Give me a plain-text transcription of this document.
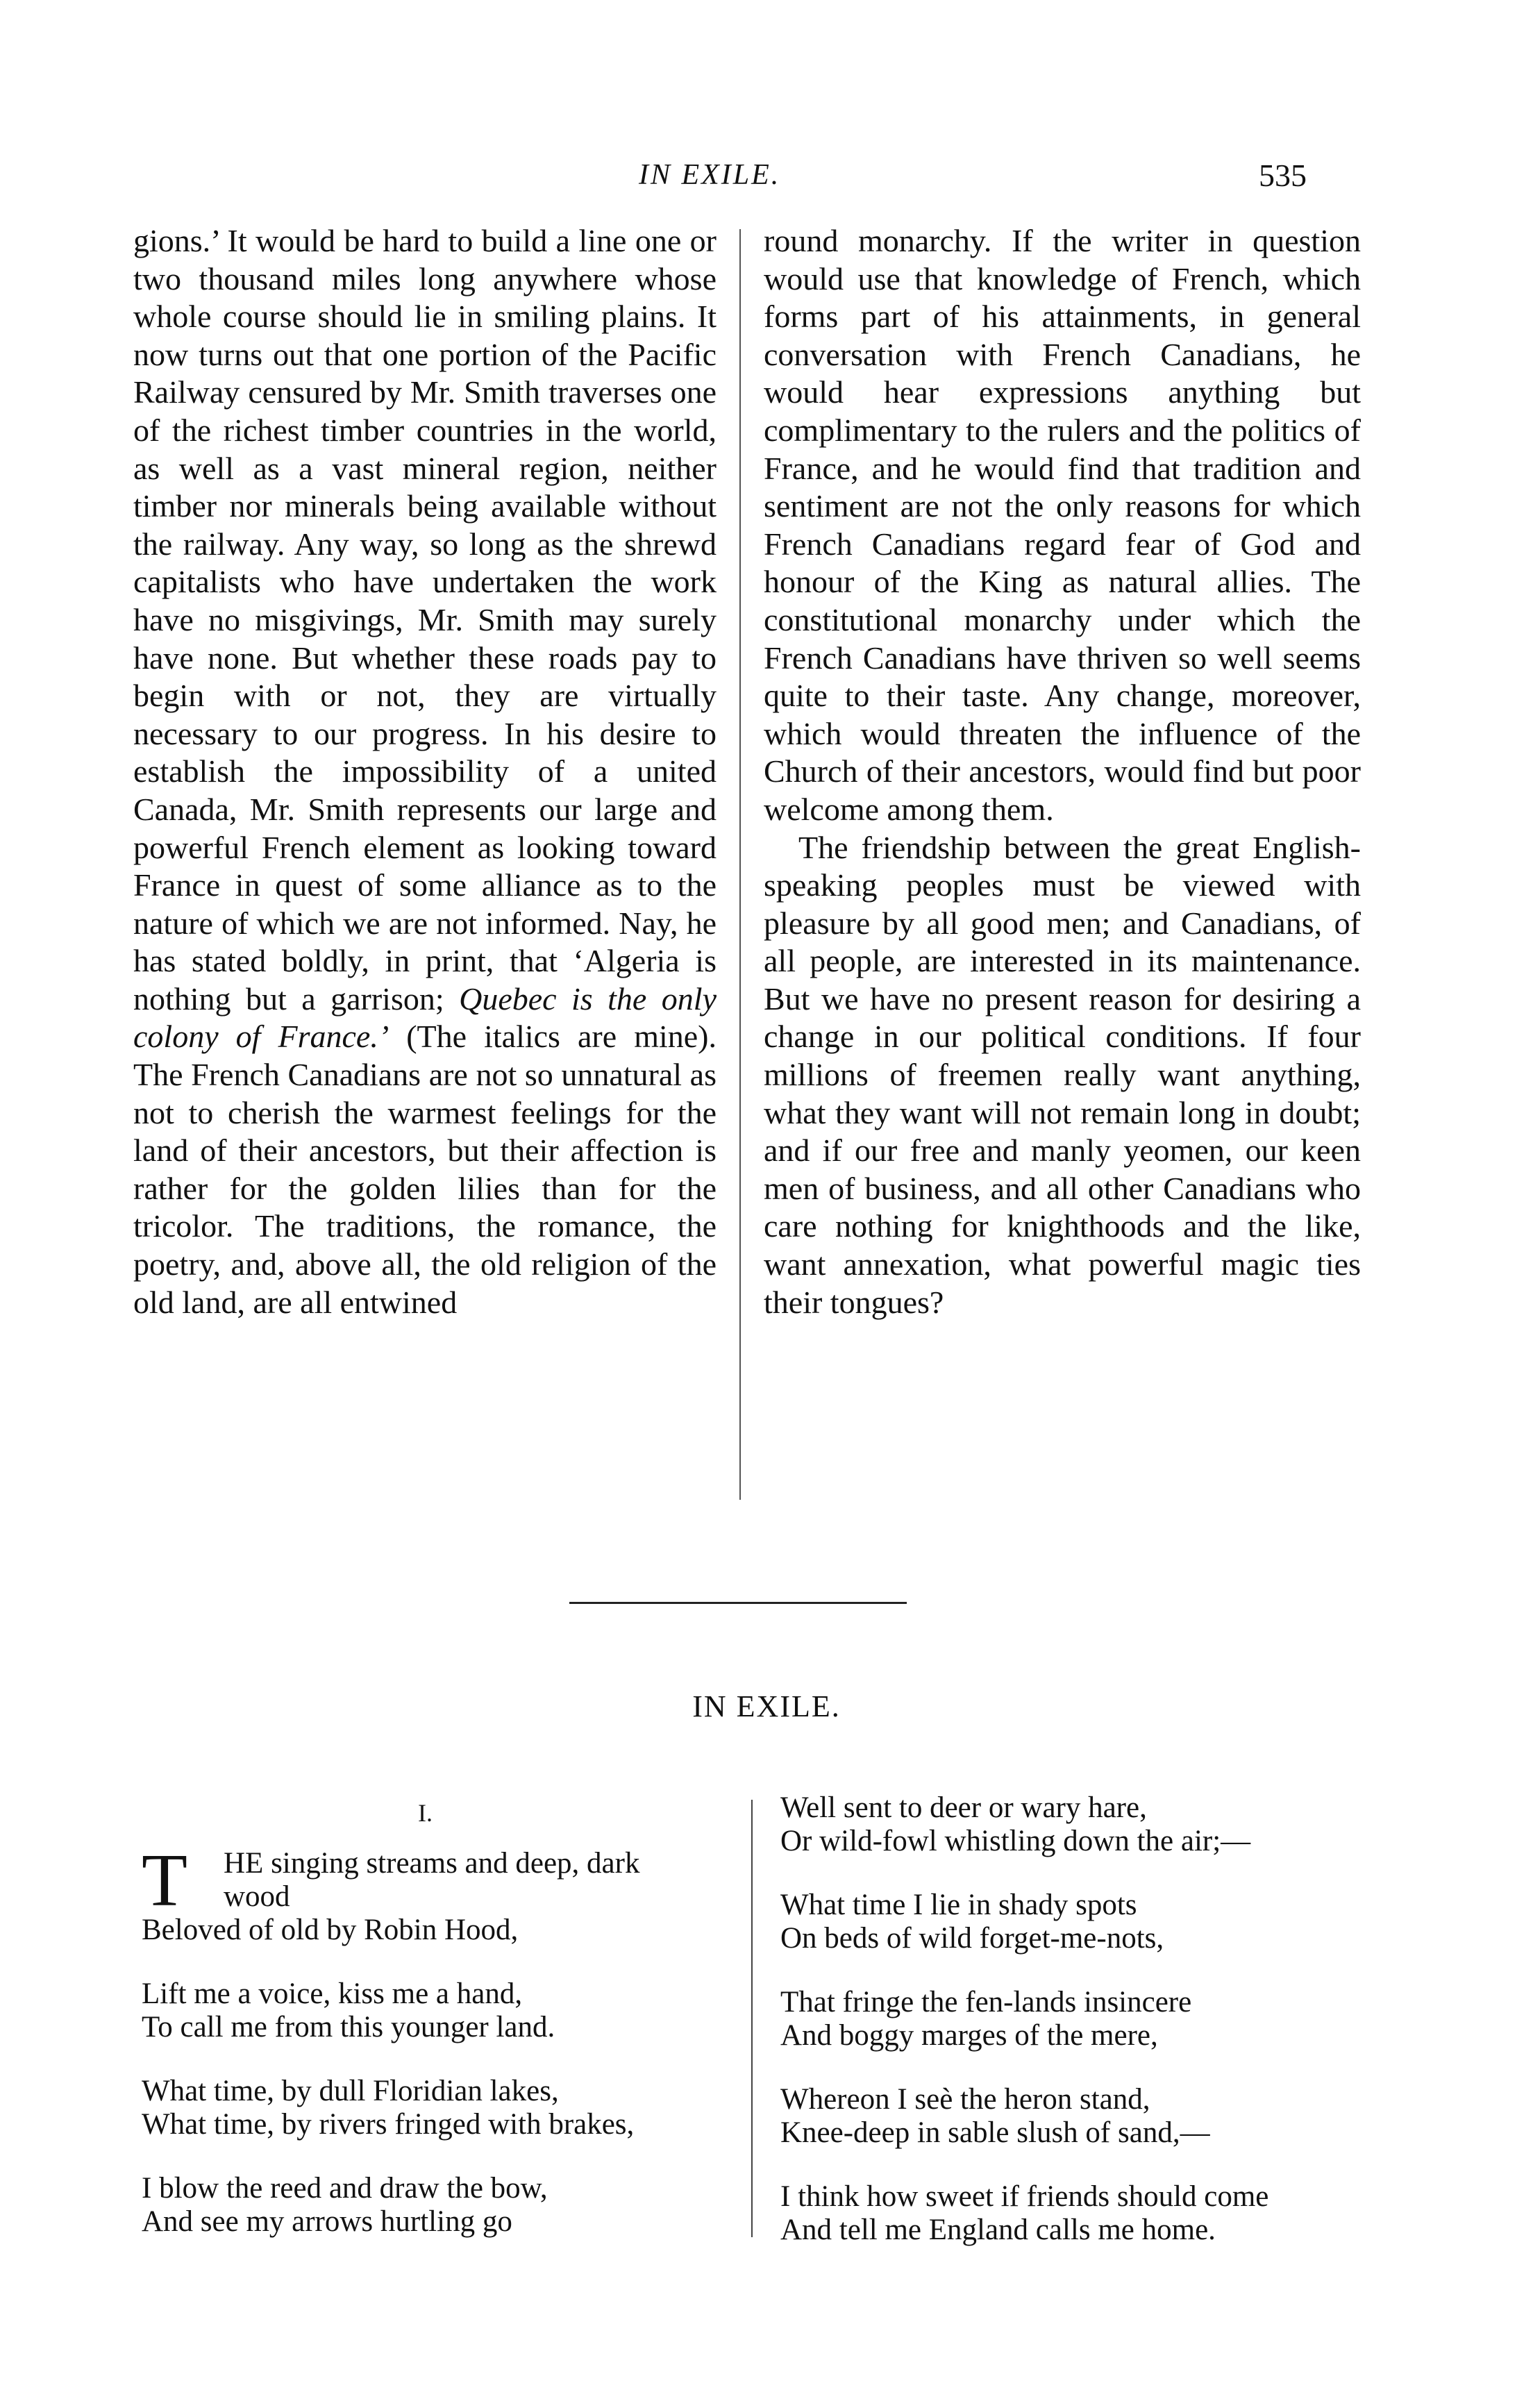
IN EXILE.	535

gions.’ It would be hard to build a line one or two thousand miles long anywhere whose whole course should lie in smiling plains. It now turns out that one portion of the Pacific Railway censured by Mr. Smith traverses one of the richest timber countries in the world, as well as a vast mineral region, neither timber nor minerals being available without the railway. Any way, so long as the shrewd capitalists who have undertaken the work have no misgivings, Mr. Smith may surely have none. But whether these roads pay to begin with or not, they are virtually necessary to our progress. In his desire to establish the impossibility of a united Canada, Mr. Smith represents our large and powerful French element as looking toward France in quest of some alliance as to the nature of which we are not informed. Nay, he has stated boldly, in print, that ‘Algeria is nothing but a garrison; Quebec is the only colony of France.’ (The italics are mine). The French Canadians are not so unnatural as not to cherish the warmest feelings for the land of their ancestors, but their affection is rather for the golden lilies than for the tricolor. The traditions, the romance, the poetry, and, above all, the old religion of the old land, are all entwined

round monarchy. If the writer in question would use that knowledge of French, which forms part of his attainments, in general conversation with French Canadians, he would hear expressions anything but complimentary to the rulers and the politics of France, and he would find that tradition and sentiment are not the only reasons for which French Canadians regard fear of God and honour of the King as natural allies. The constitutional monarchy under which the French Canadians have thriven so well seems quite to their taste. Any change, moreover, which would threaten the influence of the Church of their ancestors, would find but poor welcome among them.

The friendship between the great English-speaking peoples must be viewed with pleasure by all good men; and Canadians, of all people, are interested in its maintenance. But we have no present reason for desiring a change in our political conditions. If four millions of freemen really want anything, what they want will not remain long in doubt; and if our free and manly yeomen, our keen men of business, and all other Canadians who care nothing for knighthoods and the like, want annexation, what powerful magic ties their tongues?

IN EXILE.
I.
T	HE singing streams and deep, dark
wood
Beloved of old by Robin Hood,
Lift me a voice, kiss me a hand,
To call me from this younger land.
What time, by dull Floridian lakes,
What time, by rivers fringed with brakes,
I blow the reed and draw the bow,
And see my arrows hurtling go
Well sent to deer or wary hare,
Or wild-fowl whistling down the air;—
What time I lie in shady spots
On beds of wild forget-me-nots,
That fringe the fen-lands insincere
And boggy marges of the mere,
Whereon I seè the heron stand,
Knee-deep in sable slush of sand,—
I think how sweet if friends should come
And tell me England calls me home.
